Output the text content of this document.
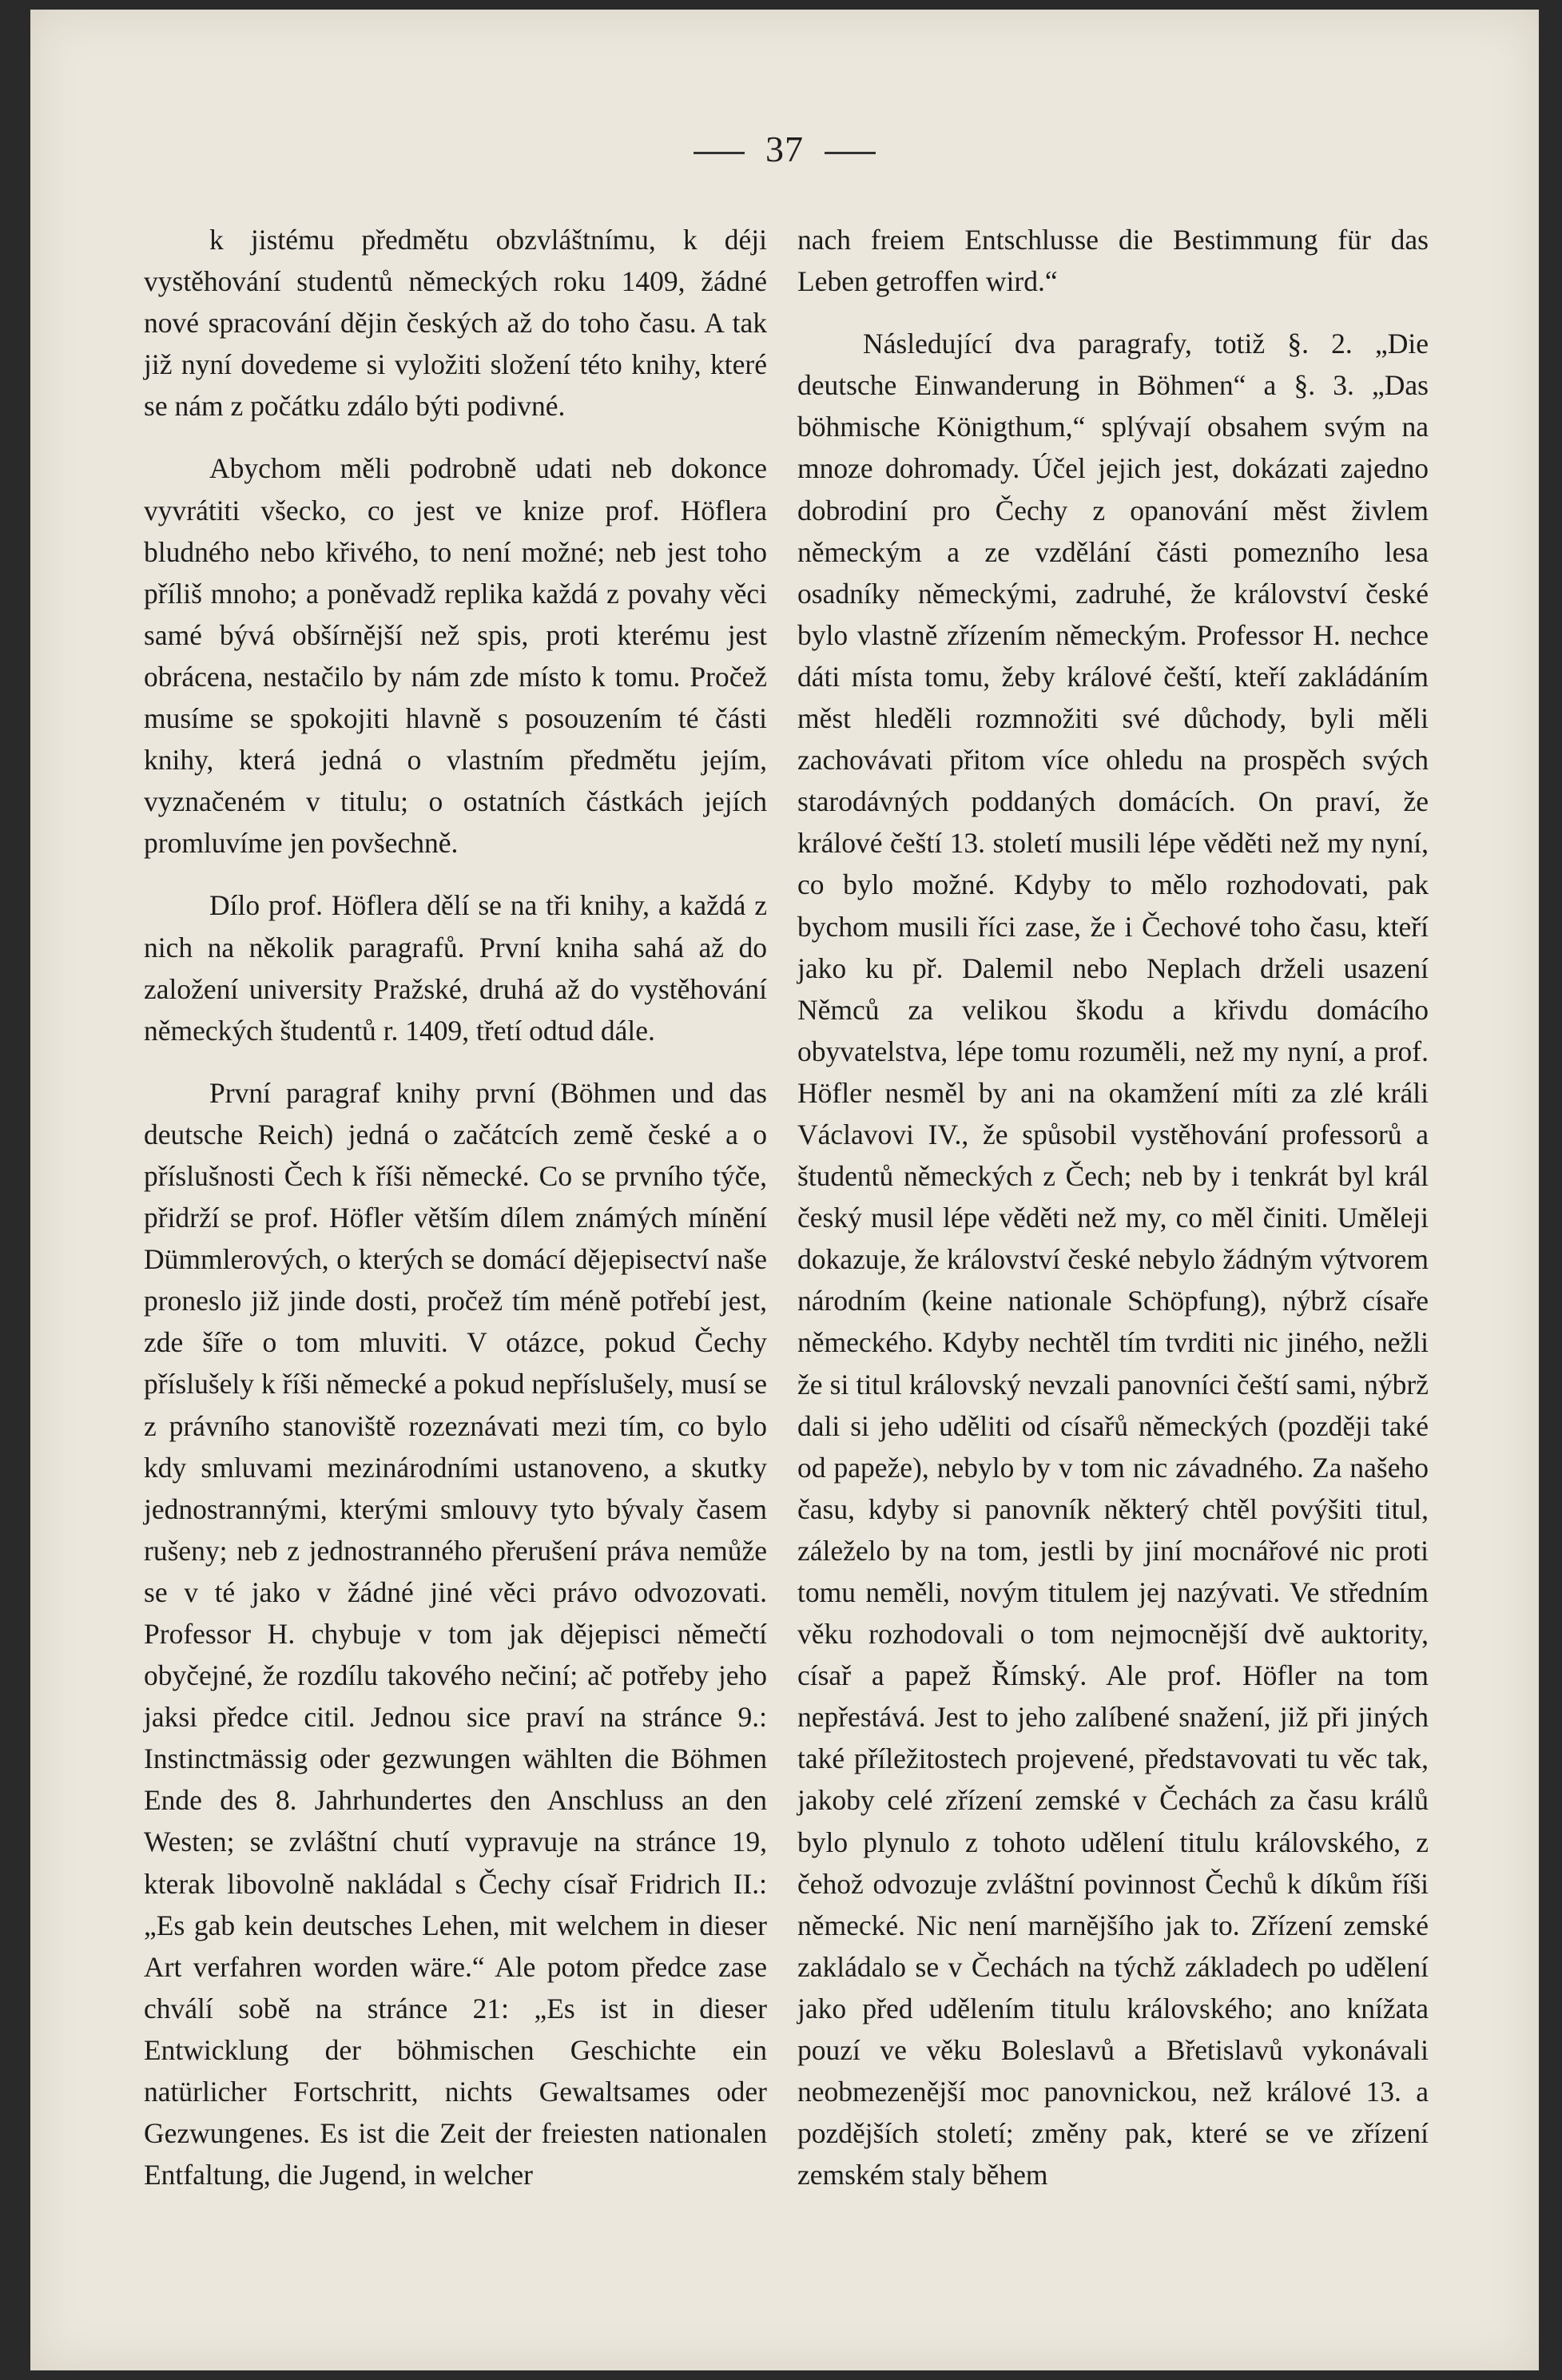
37

k jistému předmětu obzvláštnímu, k déji vystěhování studentů německých roku 1409, žádné nové spracování dějin českých až do toho času. A tak již nyní dovedeme si vyložiti složení této knihy, které se nám z počátku zdálo býti podivné.

Abychom měli podrobně udati neb dokonce vyvrátiti všecko, co jest ve knize prof. Höflera bludného nebo křivého, to není možné; neb jest toho příliš mnoho; a poněvadž replika každá z povahy věci samé bývá obšírnější než spis, proti kterému jest obrácena, nestačilo by nám zde místo k tomu. Pročež musíme se spokojiti hlavně s posouzením té části knihy, která jedná o vlastním předmětu jejím, vyznačeném v titulu; o ostatních částkách jejích promluvíme jen povšechně.

Dílo prof. Höflera dělí se na tři knihy, a každá z nich na několik paragrafů. První kniha sahá až do založení university Pražské, druhá až do vystěhování německých študentů r. 1409, třetí odtud dále.

První paragraf knihy první (Böhmen und das deutsche Reich) jedná o začátcích země české a o příslušnosti Čech k říši německé. Co se prvního týče, přidrží se prof. Höfler větším dílem známých mínění Dümmlerových, o kterých se domácí dějepisectví naše proneslo již jinde dosti, pročež tím méně potřebí jest, zde šíře o tom mluviti. V otázce, pokud Čechy příslušely k říši německé a pokud nepříslušely, musí se z právního stanoviště rozeznávati mezi tím, co bylo kdy smluvami mezinárodními ustanoveno, a skutky jednostrannými, kterými smlouvy tyto bývaly časem rušeny; neb z jednostranného přerušení práva nemůže se v té jako v žádné jiné věci právo odvozovati. Professor H. chybuje v tom jak dějepisci němečtí obyčejné, že rozdílu takového nečiní; ač potřeby jeho jaksi předce citil. Jednou sice praví na stránce 9.: Instinctmässig oder gezwungen wählten die Böhmen Ende des 8. Jahrhundertes den Anschluss an den Westen; se zvláštní chutí vypravuje na stránce 19, kterak libovolně nakládal s Čechy císař Fridrich II.: „Es gab kein deutsches Lehen, mit welchem in dieser Art verfahren worden wäre.“ Ale potom předce zase chválí sobě na stránce 21: „Es ist in dieser Entwicklung der böhmischen Geschichte ein natürlicher Fortschritt, nichts Gewaltsames oder Gezwungenes. Es ist die Zeit der freiesten nationalen Entfaltung, die Jugend, in welcher

nach freiem Entschlusse die Bestimmung für das Leben getroffen wird.“

Následující dva paragrafy, totiž §. 2. „Die deutsche Einwanderung in Böhmen“ a §. 3. „Das böhmische Königthum,“ splývají obsahem svým na mnoze dohromady. Účel jejich jest, dokázati zajedno dobrodiní pro Čechy z opanování měst živlem německým a ze vzdělání části pomezního lesa osadníky německými, zadruhé, že království české bylo vlastně zřízením německým. Professor H. nechce dáti místa tomu, žeby králové čeští, kteří zakládáním měst hleděli rozmnožiti své důchody, byli měli zachovávati přitom více ohledu na prospěch svých starodávných poddaných domácích. On praví, že králové čeští 13. století musili lépe věděti než my nyní, co bylo možné. Kdyby to mělo rozhodovati, pak bychom musili říci zase, že i Čechové toho času, kteří jako ku př. Dalemil nebo Neplach drželi usazení Němců za velikou škodu a křivdu domácího obyvatelstva, lépe tomu rozuměli, než my nyní, a prof. Höfler nesměl by ani na okamžení míti za zlé králi Václavovi IV., že spůsobil vystěhování professorů a študentů německých z Čech; neb by i tenkrát byl král český musil lépe věděti než my, co měl činiti. Uměleji dokazuje, že království české nebylo žádným výtvorem národním (keine nationale Schöpfung), nýbrž císaře německého. Kdyby nechtěl tím tvrditi nic jiného, nežli že si titul královský nevzali panovníci čeští sami, nýbrž dali si jeho uděliti od císařů německých (později také od papeže), nebylo by v tom nic závadného. Za našeho času, kdyby si panovník některý chtěl povýšiti titul, záleželo by na tom, jestli by jiní mocnářové nic proti tomu neměli, novým titulem jej nazývati. Ve středním věku rozhodovali o tom nejmocnější dvě auktority, císař a papež Římský. Ale prof. Höfler na tom nepřestává. Jest to jeho zalíbené snažení, již při jiných také příležitostech projevené, představovati tu věc tak, jakoby celé zřízení zemské v Čechách za času králů bylo plynulo z tohoto udělení titulu královského, z čehož odvozuje zvláštní povinnost Čechů k díkům říši německé. Nic není marnějšího jak to. Zřízení zemské zakládalo se v Čechách na týchž základech po udělení jako před udělením titulu královského; ano knížata pouzí ve věku Boleslavů a Břetislavů vykonávali neobmezenější moc panovnickou, než králové 13. a pozdějších století; změny pak, které se ve zřízení zemském staly během
